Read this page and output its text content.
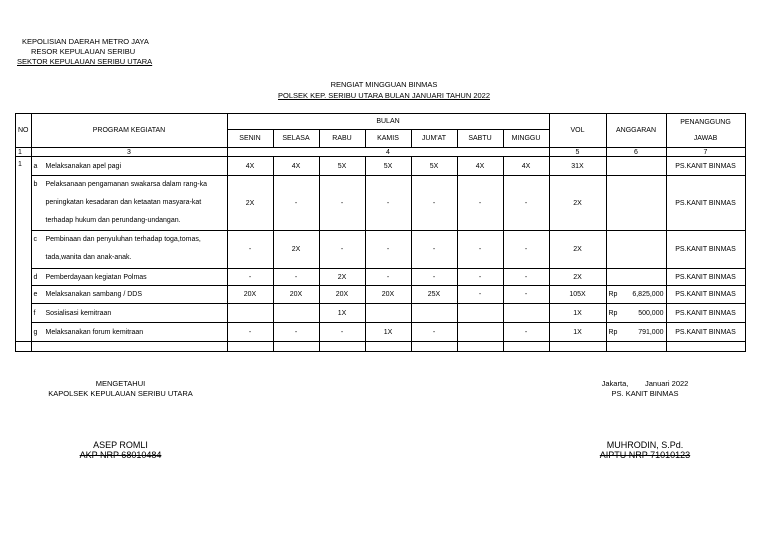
KEPOLISIAN DAERAH METRO JAYA
RESOR KEPULAUAN SERIBU
SEKTOR KEPULAUAN SERIBU UTARA
RENGIAT MINGGUAN BINMAS
POLSEK KEP. SERIBU UTARA BULAN JANUARI TAHUN 2022
NO	PROGRAM KEGIATAN	BULAN							VOL	ANGGARAN	PENANGGUNG JAWAB
		SENIN	SELASA	RABU	KAMIS	JUM'AT	SABTU	MINGGU			
1	3	4							5	6	7
1	a Melaksanakan apel pagi	4X	4X	5X	5X	5X	4X	4X	31X		PS.KANIT BINMAS
	b Pelaksanaan pengamanan swakarsa dalam rang-ka peningkatan kesadaran dan ketaatan masyara-kat terhadap hukum dan perundang-undangan.	2X	-	-	-	-	-	-	2X		PS.KANIT BINMAS
	c Pembinaan dan penyuluhan terhadap toga,tomas, tada,wanita dan anak-anak.	-	2X	-	-	-	-	-	2X		PS.KANIT BINMAS
	d Pemberdayaan kegiatan Polmas	-	-	2X	-	-	-	-	2X		PS.KANIT BINMAS
	e Melaksanakan sambang / DDS	20X	20X	20X	20X	25X	-	-	105X	Rp 6,825,000	PS.KANIT BINMAS
	f Sosialisasi kemitraan			1X					1X	Rp 500,000	PS.KANIT BINMAS
	g Melaksanakan forum kemitraan	-	-	-	1X	-		-	1X	Rp 791,000	PS.KANIT BINMAS

MENGETAHUI
KAPOLSEK KEPULAUAN SERIBU UTARA
ASEP ROMLI
AKP NRP 68010484
Jakarta,        Januari 2022
PS. KANIT BINMAS
MUHRODIN, S.Pd.
AIPTU NRP 71010123
